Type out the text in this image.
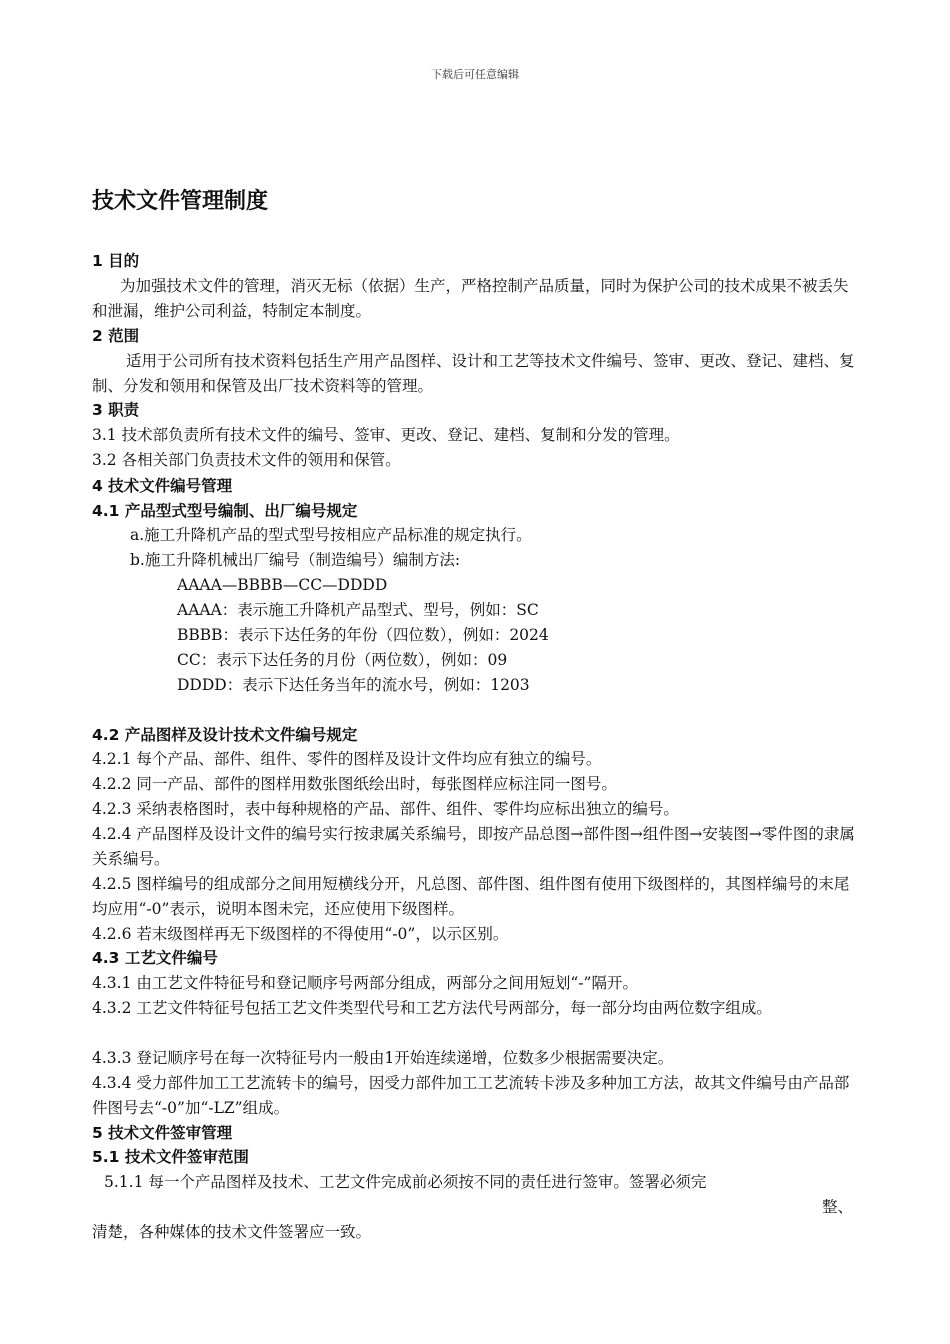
下载后可任意编辑
技术文件管理制度
1 目的
为加强技术文件的管理，消灭无标（依据）生产，严格控制产品质量，同时为保护公司的技术成果不被丢失和泄漏，维护公司利益，特制定本制度。
2 范围
适用于公司所有技术资料包括生产用产品图样、设计和工艺等技术文件编号、签审、更改、登记、建档、复制、分发和领用和保管及出厂技术资料等的管理。
3 职责
3.1 技术部负责所有技术文件的编号、签审、更改、登记、建档、复制和分发的管理。
3.2 各相关部门负责技术文件的领用和保管。
4 技术文件编号管理
4.1 产品型式型号编制、出厂编号规定
a.施工升降机产品的型式型号按相应产品标准的规定执行。
b.施工升降机械出厂编号（制造编号）编制方法:
AAAA—BBBB—CC—DDDD
AAAA：表示施工升降机产品型式、型号，例如：SC
BBBB：表示下达任务的年份（四位数），例如：2024
CC：表示下达任务的月份（两位数），例如：09
DDDD：表示下达任务当年的流水号，例如：1203
4.2 产品图样及设计技术文件编号规定
4.2.1 每个产品、部件、组件、零件的图样及设计文件均应有独立的编号。
4.2.2 同一产品、部件的图样用数张图纸绘出时，每张图样应标注同一图号。
4.2.3 采纳表格图时，表中每种规格的产品、部件、组件、零件均应标出独立的编号。
4.2.4 产品图样及设计文件的编号实行按隶属关系编号，即按产品总图→部件图→组件图→安装图→零件图的隶属关系编号。
4.2.5 图样编号的组成部分之间用短横线分开，凡总图、部件图、组件图有使用下级图样的，其图样编号的末尾均应用“-0”表示，说明本图未完，还应使用下级图样。
4.2.6 若末级图样再无下级图样的不得使用“-0”，以示区别。
4.3 工艺文件编号
4.3.1 由工艺文件特征号和登记顺序号两部分组成，两部分之间用短划“-”隔开。
4.3.2 工艺文件特征号包括工艺文件类型代号和工艺方法代号两部分，每一部分均由两位数字组成。
4.3.3 登记顺序号在每一次特征号内一般由1开始连续递增，位数多少根据需要决定。
4.3.4 受力部件加工工艺流转卡的编号，因受力部件加工工艺流转卡涉及多种加工方法，故其文件编号由产品部件图号去“-0”加“-LZ”组成。
5 技术文件签审管理
5.1 技术文件签审范围
5.1.1 每一个产品图样及技术、工艺文件完成前必须按不同的责任进行签审。签署必须完
整、
清楚，各种媒体的技术文件签署应一致。
